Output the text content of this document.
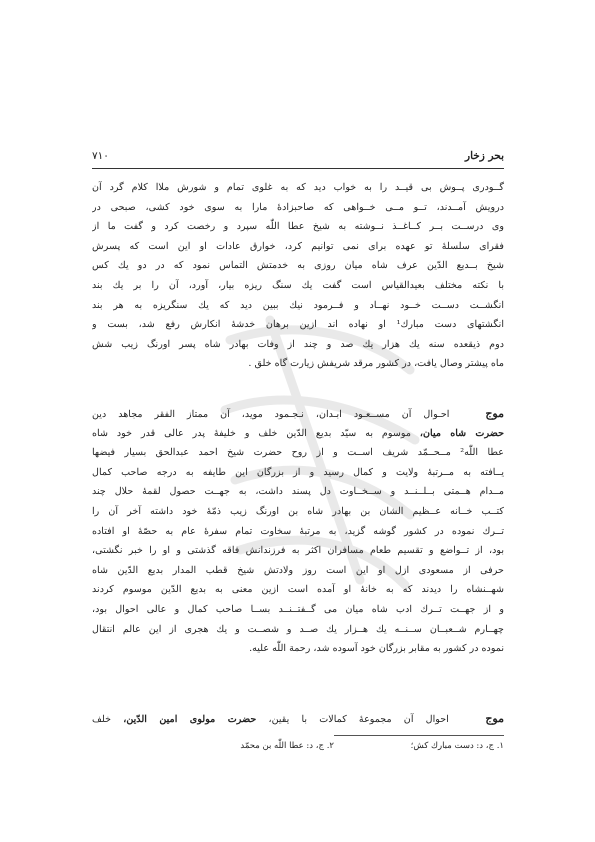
بحر زخار
۷۱۰
گــودری پــوش بی قیــد را به خواب دید که به غلوی تمام و شورش ملاا کلام گرد آن
درویش آمــدند، تــو مــی خــواهی که صاحبزادهٔ مارا به سوی خود کشی، صبحی در
وی درســت بــر کــاغــذ نــوشته به شیخ عطا اللّٰه سپرد و رخصت کرد و گفت ما از
فقرای سلسلهٔ تو عهده برای نمی توانیم کرد، خوارق عادات او این است که پسرش
شیخ بــدیع الدّین عرف شاه میان روزی به خدمتش التماس نمود که در دو یك کس
با نکته مختلف بعیدالقیاس است گفت یك سنگ ریزه بیار، آورد، آن را بر یك بند
انگشــت دســت خــود نهــاد و فــرمود نیك ببین دید که یك سنگریزه به هر بند
انگشتهای دست مبارك¹ او نهاده اند ازین برهان خدشهٔ انکارش رفع شد، بست و
دوم ذیقعده سنه یك هزار یك صد و چند از وفات بهادر شاه پسر اورنگ زیب شش
ماه پیشتر وصال یافت، در کشور مرقد شریفش زیارت گاه خلق .
موج   احـوال آن مســعـود ابـدان، نـجـمود موید، آن ممتاز الفقر مجاهد دین
حضرت شاه میان، موسوم به سیّد بدیع الدّین خلف و خلیفهٔ پدر عالی قدر خود شاه
عطا اللّٰه² مــحــمّد شریف اســت و از روح حضرت شیخ احمد عبدالحق بسیار فیضها
یــافته به مــرتبهٔ ولایت و کمال رسید و از بزرگان این طایفه به درجه صاحب کمال
مــدام هــمتی بــلــنــد و ســخــاوت دل پسند داشت، به جهــت حصول لقمهٔ حلال چند
کتــب خــانه عــظیم الشان بن بهادر شاه بن اورنگ زیب ذمّهٔ خود داشته آخر آن را
تــرك نموده در کشور گوشه گزید، به مرتبهٔ سخاوت تمام سفرهٔ عام به حصّهٔ او افتاده
بود، از تــواضع و تقسیم طعام مسافران اکثر به فرزندانش فاقه گذشتی و او را خبر نگشتی،
حرفی از مسعودی ازل او این است روز ولادتش شیخ قطب المدار بدیع الدّین شاه
شهــنشاه را دیدند که به خانهٔ او آمده است ازین معنی به بدیع الدّین موسوم کردند
و از جهــت تــرك ادب شاه میان می گــفتــنــد بســا صاحب کمال و عالی احوال بود،
چهــارم شــعبــان ســنــه یك هــزار یك صــد و شصــت و یك هجری از این عالم انتقال
نموده در کشور به مقابر بزرگان خود آسوده شد، رحمة اللّٰه علیه.
موج   احوال آن مجموعهٔ کمالات با یقین، حضرت مولوی امین الدّین، خلف
۱. ج، د: دست مبارك کش؛
۲. ج، د: عطا اللّٰه بن محمّد
